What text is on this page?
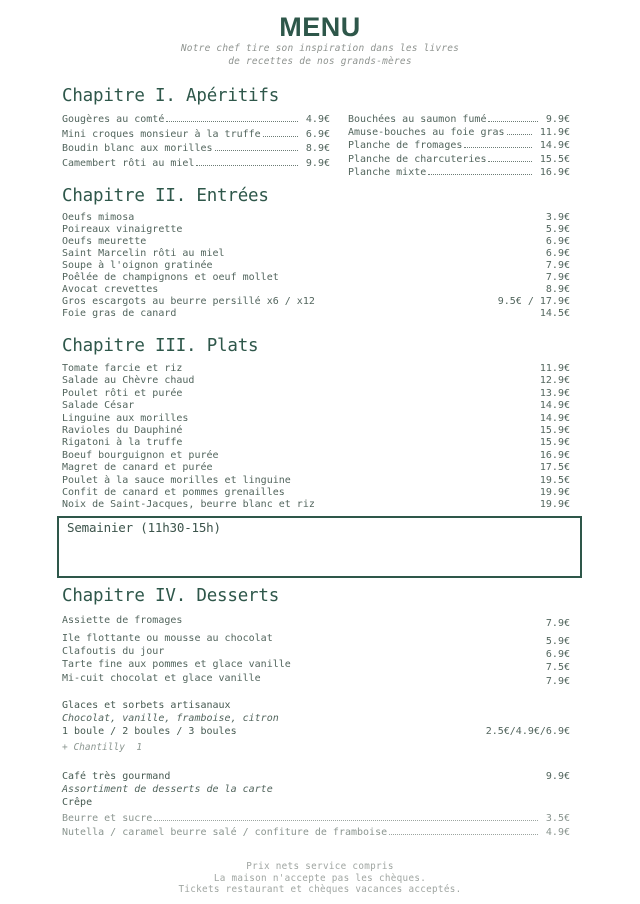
MENU
Notre chef tire son inspiration dans les livres
de recettes de nos grands-mères
Chapitre I. Apéritifs
Gougères au comté	4.9€
Mini croques monsieur à la truffe	6.9€
Boudin blanc aux morilles	8.9€
Camembert rôti au miel	9.9€
Bouchées au saumon fumé	9.9€
Amuse-bouches au foie gras	11.9€
Planche de fromages	14.9€
Planche de charcuteries	15.5€
Planche mixte	16.9€
Chapitre II. Entrées
Oeufs mimosa	3.9€
Poireaux vinaigrette	5.9€
Oeufs meurette	6.9€
Saint Marcelin rôti au miel	6.9€
Soupe à l'oignon gratinée	7.9€
Poêlée de champignons et oeuf mollet	7.9€
Avocat crevettes	8.9€
Gros escargots au beurre persillé x6 / x12	9.5€ / 17.9€
Foie gras de canard	14.5€
Chapitre III. Plats
Tomate farcie et riz	11.9€
Salade au Chèvre chaud	12.9€
Poulet rôti et purée	13.9€
Salade César	14.9€
Linguine aux morilles	14.9€
Ravioles du Dauphiné	15.9€
Rigatoni à la truffe	15.9€
Boeuf bourguignon et purée	16.9€
Magret de canard et purée	17.5€
Poulet à la sauce morilles et linguine	19.5€
Confit de canard et pommes grenailles	19.9€
Noix de Saint-Jacques, beurre blanc et riz	19.9€
Semainier (11h30-15h)
Chapitre IV. Desserts
Assiette de fromages	7.9€
Ile flottante ou mousse au chocolat	5.9€
Clafoutis du jour	6.9€
Tarte fine aux pommes et glace vanille	7.5€
Mi-cuit chocolat et glace vanille	7.9€
Glaces et sorbets artisanaux
Chocolat, vanille, framboise, citron
1 boule / 2 boules / 3 boules	2.5€/4.9€/6.9€
+ Chantilly  1
Café très gourmand	9.9€
Assortiment de desserts de la carte
Crêpe
Beurre et sucre	3.5€
Nutella / caramel beurre salé / confiture de framboise	4.9€
Prix nets service compris
La maison n'accepte pas les chèques.
Tickets restaurant et chèques vacances acceptés.
